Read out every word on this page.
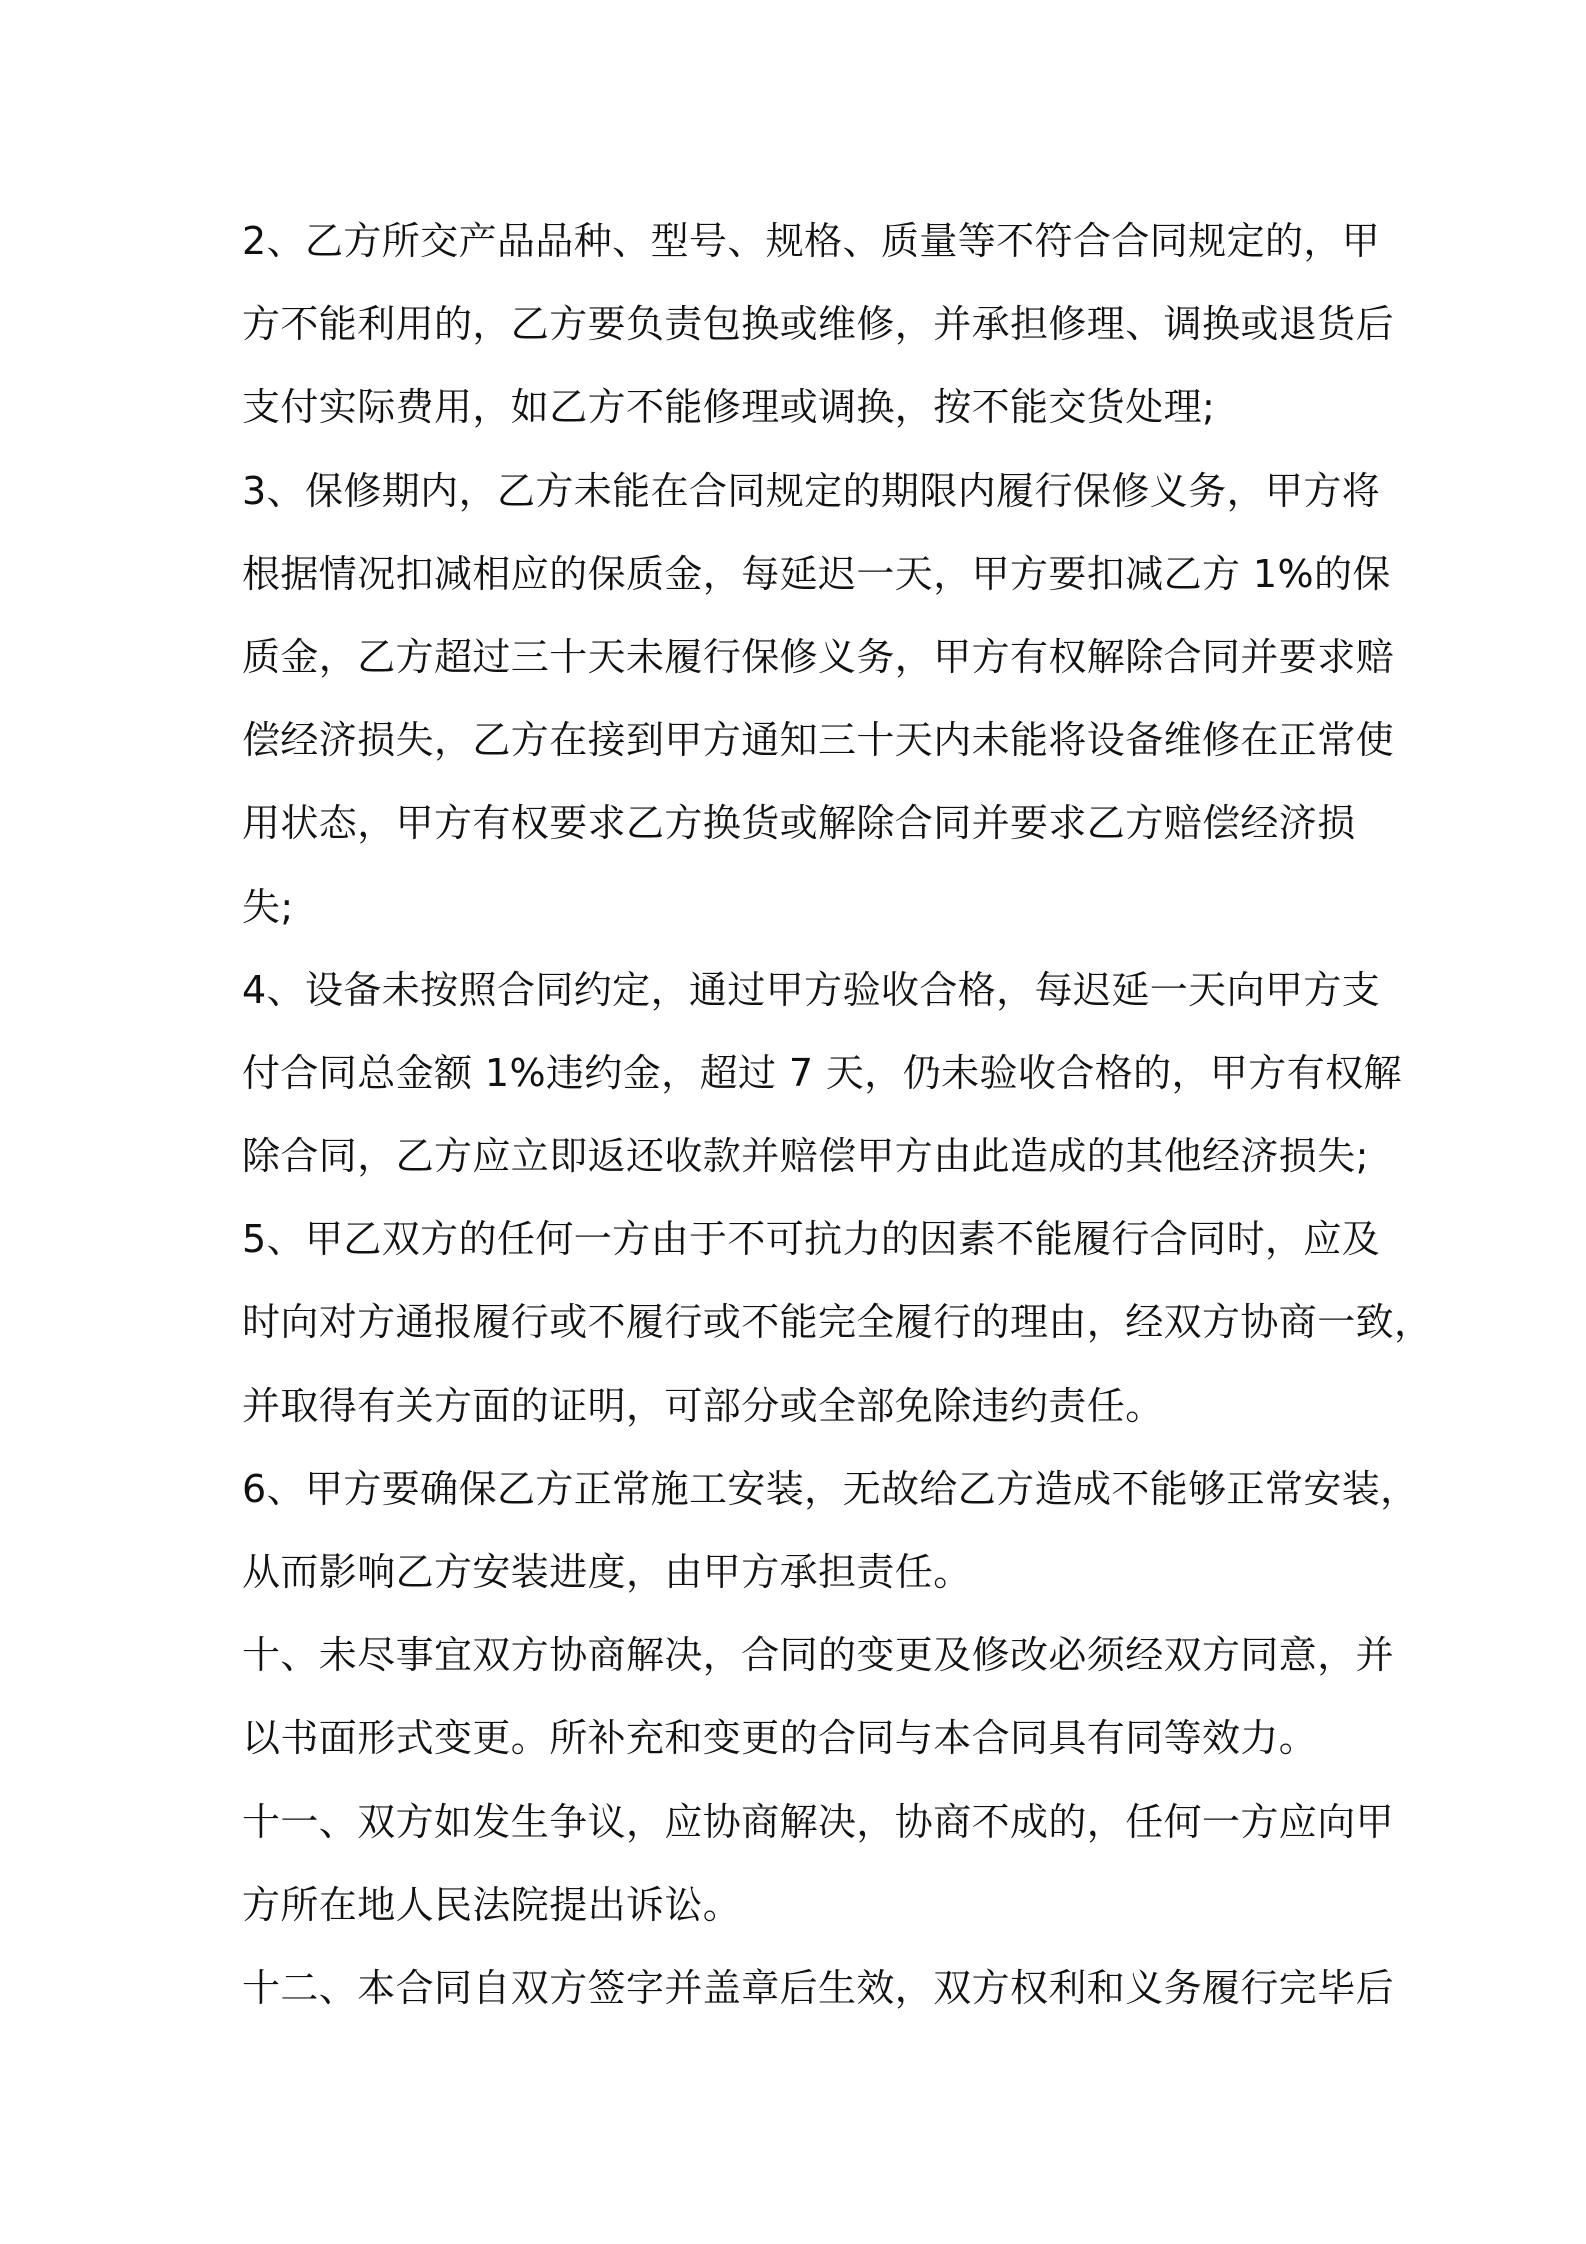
2、乙方所交产品品种、型号、规格、质量等不符合合同规定的，甲
方不能利用的，乙方要负责包换或维修，并承担修理、调换或退货后
支付实际费用，如乙方不能修理或调换，按不能交货处理;
3、保修期内，乙方未能在合同规定的期限内履行保修义务，甲方将
根据情况扣减相应的保质金，每延迟一天，甲方要扣减乙方 1%的保
质金，乙方超过三十天未履行保修义务，甲方有权解除合同并要求赔
偿经济损失，乙方在接到甲方通知三十天内未能将设备维修在正常使
用状态，甲方有权要求乙方换货或解除合同并要求乙方赔偿经济损
失;
4、设备未按照合同约定，通过甲方验收合格，每迟延一天向甲方支
付合同总金额 1%违约金，超过 7 天，仍未验收合格的，甲方有权解
除合同，乙方应立即返还收款并赔偿甲方由此造成的其他经济损失;
5、甲乙双方的任何一方由于不可抗力的因素不能履行合同时，应及
时向对方通报履行或不履行或不能完全履行的理由，经双方协商一致，
并取得有关方面的证明，可部分或全部免除违约责任。
6、甲方要确保乙方正常施工安装，无故给乙方造成不能够正常安装，
从而影响乙方安装进度，由甲方承担责任。
十、未尽事宜双方协商解决，合同的变更及修改必须经双方同意，并
以书面形式变更。所补充和变更的合同与本合同具有同等效力。
十一、双方如发生争议，应协商解决，协商不成的，任何一方应向甲
方所在地人民法院提出诉讼。
十二、本合同自双方签字并盖章后生效，双方权利和义务履行完毕后
